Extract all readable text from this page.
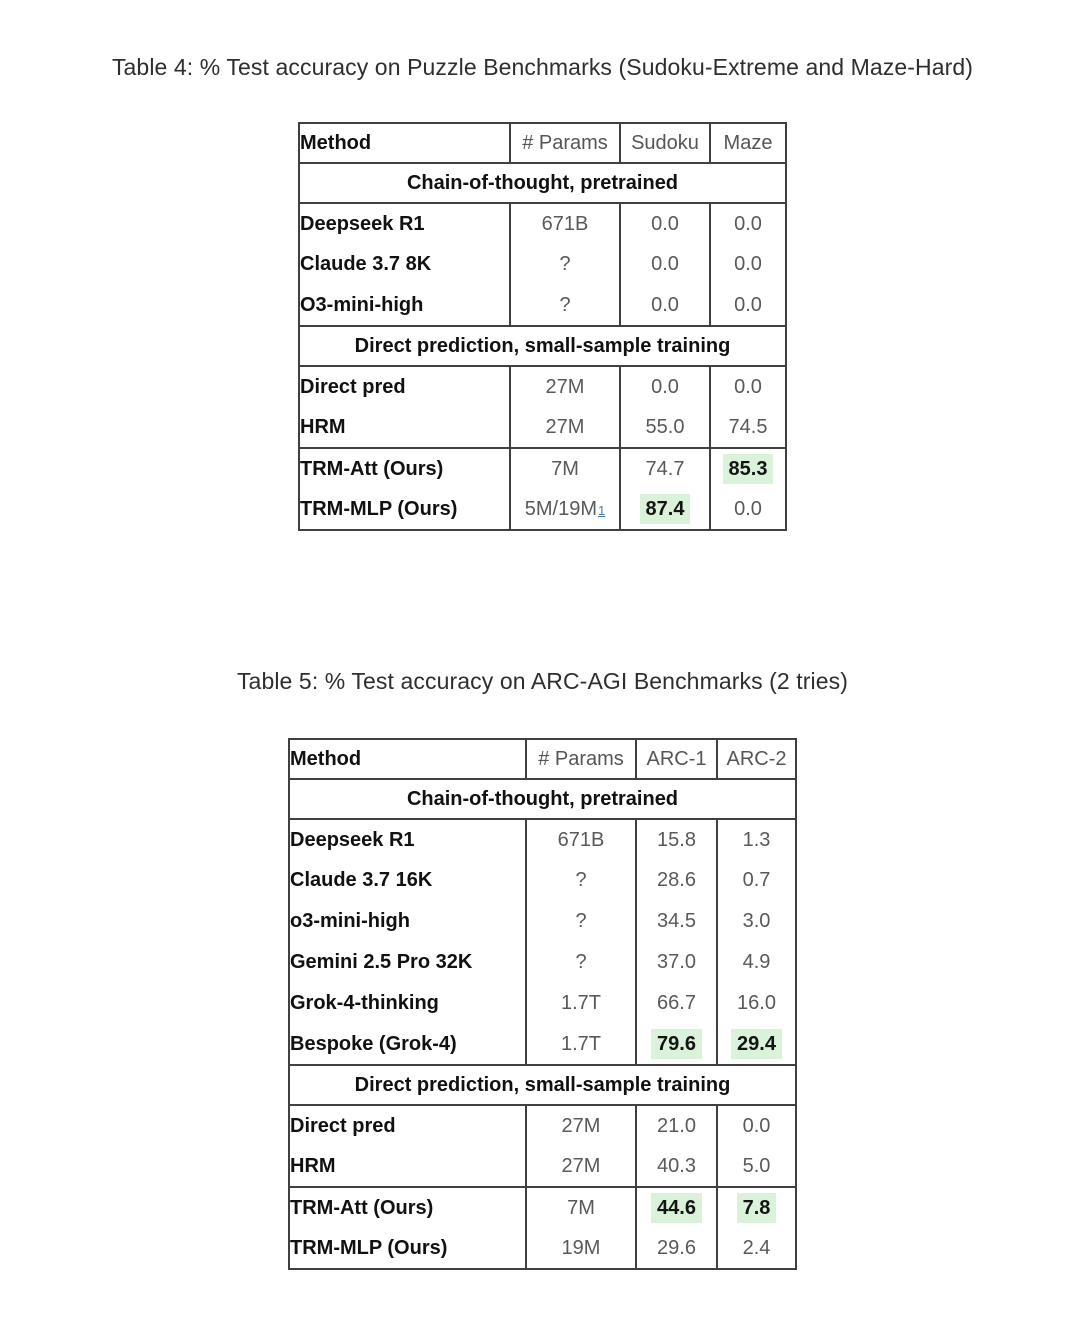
Table 4: % Test accuracy on Puzzle Benchmarks (Sudoku-Extreme and Maze-Hard)
Method	# Params	Sudoku	Maze
Chain-of-thought, pretrained			
Deepseek R1	671B	0.0	0.0
Claude 3.7 8K	?	0.0	0.0
O3-mini-high	?	0.0	0.0
Direct prediction, small-sample training			
Direct pred	27M	0.0	0.0
HRM	27M	55.0	74.5
TRM-Att (Ours)	7M	74.7	85.3
TRM-MLP (Ours)	5M/19M1	87.4	0.0
Table 5: % Test accuracy on ARC-AGI Benchmarks (2 tries)
Method	# Params	ARC-1	ARC-2
Chain-of-thought, pretrained			
Deepseek R1	671B	15.8	1.3
Claude 3.7 16K	?	28.6	0.7
o3-mini-high	?	34.5	3.0
Gemini 2.5 Pro 32K	?	37.0	4.9
Grok-4-thinking	1.7T	66.7	16.0
Bespoke (Grok-4)	1.7T	79.6	29.4
Direct prediction, small-sample training			
Direct pred	27M	21.0	0.0
HRM	27M	40.3	5.0
TRM-Att (Ours)	7M	44.6	7.8
TRM-MLP (Ours)	19M	29.6	2.4
